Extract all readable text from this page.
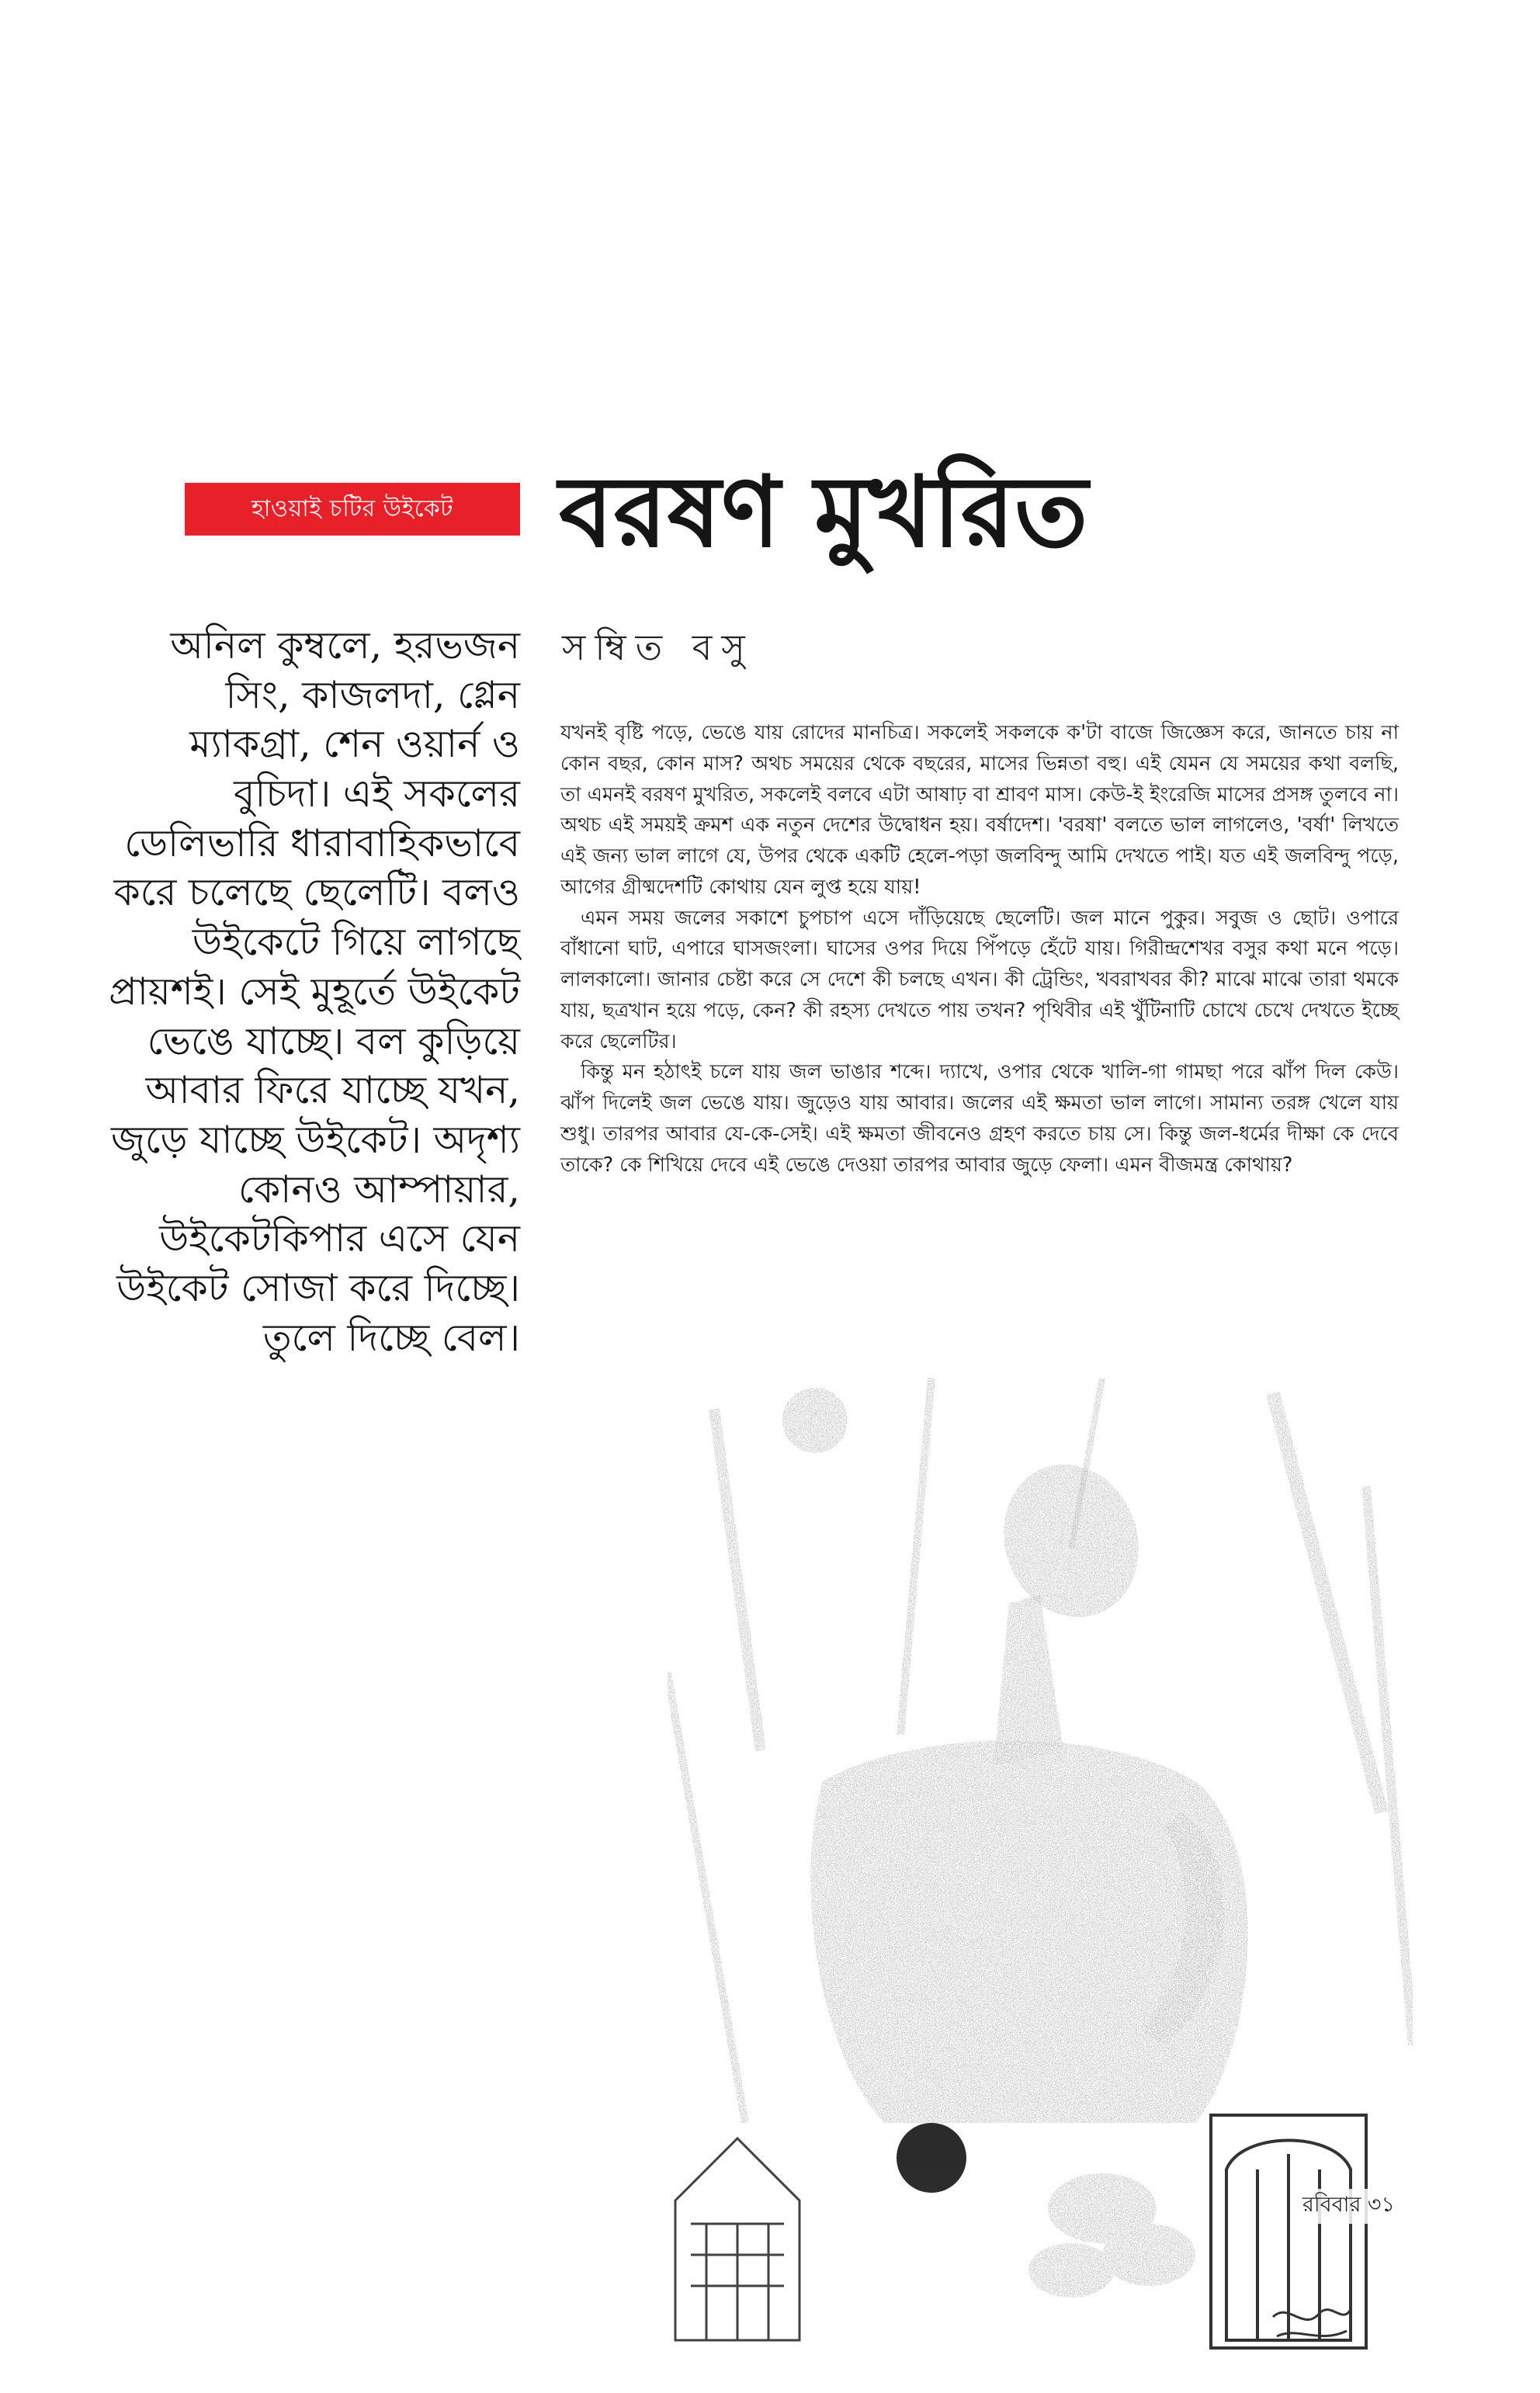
হাওয়াই চটির উইকেট	বরষণ মুখরিত
সম্বিত বসু

অনিল কুম্বলে, হরভজন সিং, কাজলদা, গ্লেন ম্যাকগ্রা, শেন ওয়ার্ন ও বুচিদা। এই সকলের ডেলিভারি ধারাবাহিকভাবে করে চলেছে ছেলেটি। বলও উইকেটে গিয়ে লাগছে প্রায়শই। সেই মুহূর্তে উইকেট ভেঙে যাচ্ছে। বল কুড়িয়ে আবার ফিরে যাচ্ছে যখন, জুড়ে যাচ্ছে উইকেট। অদৃশ্য কোনও আম্পায়ার, উইকেটকিপার এসে যেন উইকেট সোজা করে দিচ্ছে। তুলে দিচ্ছে বেল।

যখনই বৃষ্টি পড়ে, ভেঙে যায় রোদের মানচিত্র। সকলেই সকলকে ক'টা বাজে জিজ্ঞেস করে, জানতে চায় না কোন বছর, কোন মাস? অথচ সময়ের থেকে বছরের, মাসের ভিন্নতা বহু। এই যেমন যে সময়ের কথা বলছি, তা এমনই বরষণ মুখরিত, সকলেই বলবে এটা আষাঢ় বা শ্রাবণ মাস। কেউ-ই ইংরেজি মাসের প্রসঙ্গ তুলবে না। অথচ এই সময়ই ক্রমশ এক নতুন দেশের উদ্বোধন হয়। বর্ষাদেশ। 'বরষা' বলতে ভাল লাগলেও, 'বর্ষা' লিখতে এই জন্য ভাল লাগে যে, উপর থেকে একটি হেলে-পড়া জলবিন্দু আমি দেখতে পাই। যত এই জলবিন্দু পড়ে, আগের গ্রীষ্মদেশটি কোথায় যেন লুপ্ত হয়ে যায়!

এমন সময় জলের সকাশে চুপচাপ এসে দাঁড়িয়েছে ছেলেটি। জল মানে পুকুর। সবুজ ও ছোট। ওপারে বাঁধানো ঘাট, এপারে ঘাসজংলা। ঘাসের ওপর দিয়ে পিঁপড়ে হেঁটে যায়। গিরীন্দ্রশেখর বসুর কথা মনে পড়ে। লালকালো। জানার চেষ্টা করে সে দেশে কী চলছে এখন। কী ট্রেন্ডিং, খবরাখবর কী? মাঝে মাঝে তারা থমকে যায়, ছত্রখান হয়ে পড়ে, কেন? কী রহস্য দেখতে পায় তখন? পৃথিবীর এই খুঁটিনাটি চোখে চেখে দেখতে ইচ্ছে করে ছেলেটির।

কিন্তু মন হঠাৎই চলে যায় জল ভাঙার শব্দে। দ্যাখে, ওপার থেকে খালি-গা গামছা পরে ঝাঁপ দিল কেউ। ঝাঁপ দিলেই জল ভেঙে যায়। জুড়েও যায় আবার। জলের এই ক্ষমতা ভাল লাগে। সামান্য তরঙ্গ খেলে যায় শুধু। তারপর আবার যে-কে-সেই। এই ক্ষমতা জীবনেও গ্রহণ করতে চায় সে। কিন্তু জল-ধর্মের দীক্ষা কে দেবে তাকে? কে শিখিয়ে দেবে এই ভেঙে দেওয়া তারপর আবার জুড়ে ফেলা। এমন বীজমন্ত্র কোথায়?

রবিবার ৩১
